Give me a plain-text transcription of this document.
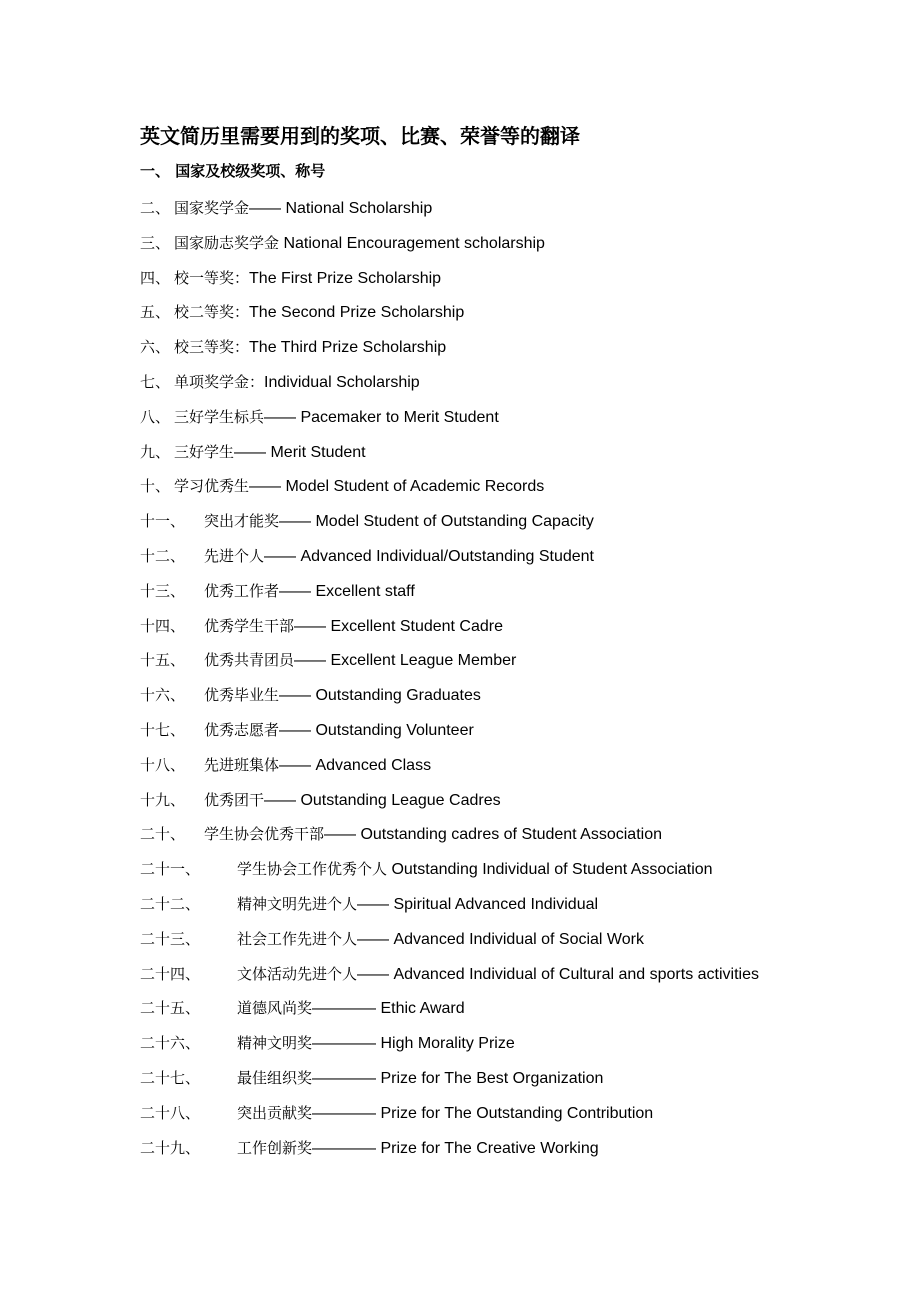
英文简历里需要用到的奖项、比赛、荣誉等的翻译
一、 国家及校级奖项、称号
二、 国家奖学金—— National Scholarship
三、 国家励志奖学金 National Encouragement scholarship
四、 校一等奖：The First Prize Scholarship
五、 校二等奖：The Second Prize Scholarship
六、 校三等奖：The Third Prize Scholarship
七、 单项奖学金：Individual Scholarship
八、 三好学生标兵—— Pacemaker to Merit Student
九、 三好学生—— Merit Student
十、 学习优秀生—— Model Student of Academic Records
十一、 突出才能奖—— Model Student of Outstanding Capacity
十二、 先进个人—— Advanced Individual/Outstanding Student
十三、 优秀工作者—— Excellent staff
十四、 优秀学生干部—— Excellent Student Cadre
十五、 优秀共青团员—— Excellent League Member
十六、 优秀毕业生—— Outstanding Graduates
十七、 优秀志愿者—— Outstanding Volunteer
十八、 先进班集体—— Advanced Class
十九、 优秀团干—— Outstanding League Cadres
二十、 学生协会优秀干部—— Outstanding cadres of Student Association
二十一、 学生协会工作优秀个人 Outstanding Individual of Student Association
二十二、 精神文明先进个人—— Spiritual Advanced Individual
二十三、 社会工作先进个人—— Advanced Individual of Social Work
二十四、 文体活动先进个人—— Advanced Individual of Cultural and sports activities
二十五、 道德风尚奖———— Ethic Award
二十六、 精神文明奖———— High Morality Prize
二十七、 最佳组织奖———— Prize for The Best Organization
二十八、 突出贡献奖———— Prize for The Outstanding Contribution
二十九、 工作创新奖———— Prize for The Creative Working
